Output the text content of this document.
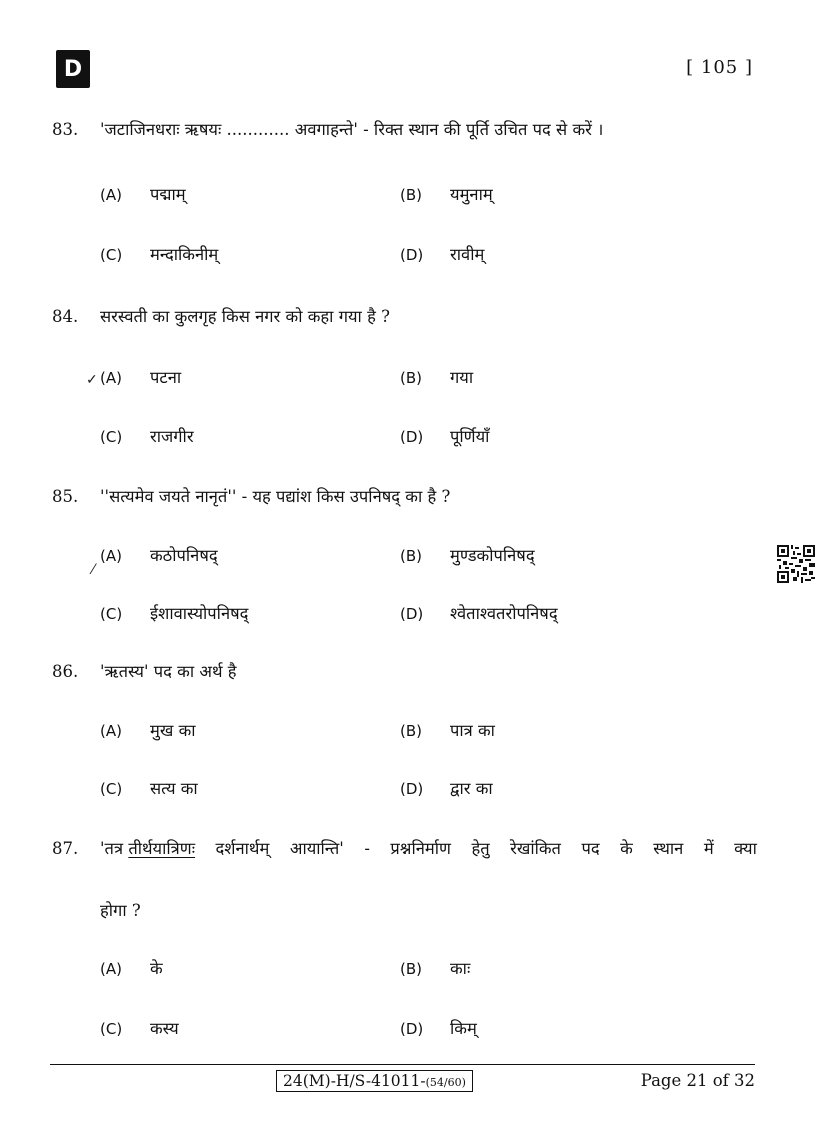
D	[ 105 ]
83. 'जटाजिनधराः ऋषयः ............ अवगाहन्ते' - रिक्त स्थान की पूर्ति उचित पद से करें ।
(A) पद्माम्	(B) यमुनाम्
(C) मन्दाकिनीम्	(D) रावीम्
84. सरस्वती का कुलगृह किस नगर को कहा गया है ?
✓ (A) पटना	(B) गया
(C) राजगीर	(D) पूर्णियाँ
85. ''सत्यमेव जयते नानृतं'' - यह पद्यांश किस उपनिषद् का है ?
⁄
(A) कठोपनिषद्	(B) मुण्डकोपनिषद्
(C) ईशावास्योपनिषद्	(D) श्वेताश्वतरोपनिषद्
86. 'ऋतस्य' पद का अर्थ है
(A) मुख का	(B) पात्र का
(C) सत्य का	(D) द्वार का
87. 'तत्र तीर्थयात्रिणः दर्शनार्थम् आयान्ति' - प्रश्ननिर्माण हेतु रेखांकित पद के स्थान में क्या
होगा ?
(A) के	(B) काः
(C) कस्य	(D) किम्
24(M)-H/S-41011-(54/60)	Page 21 of 32
